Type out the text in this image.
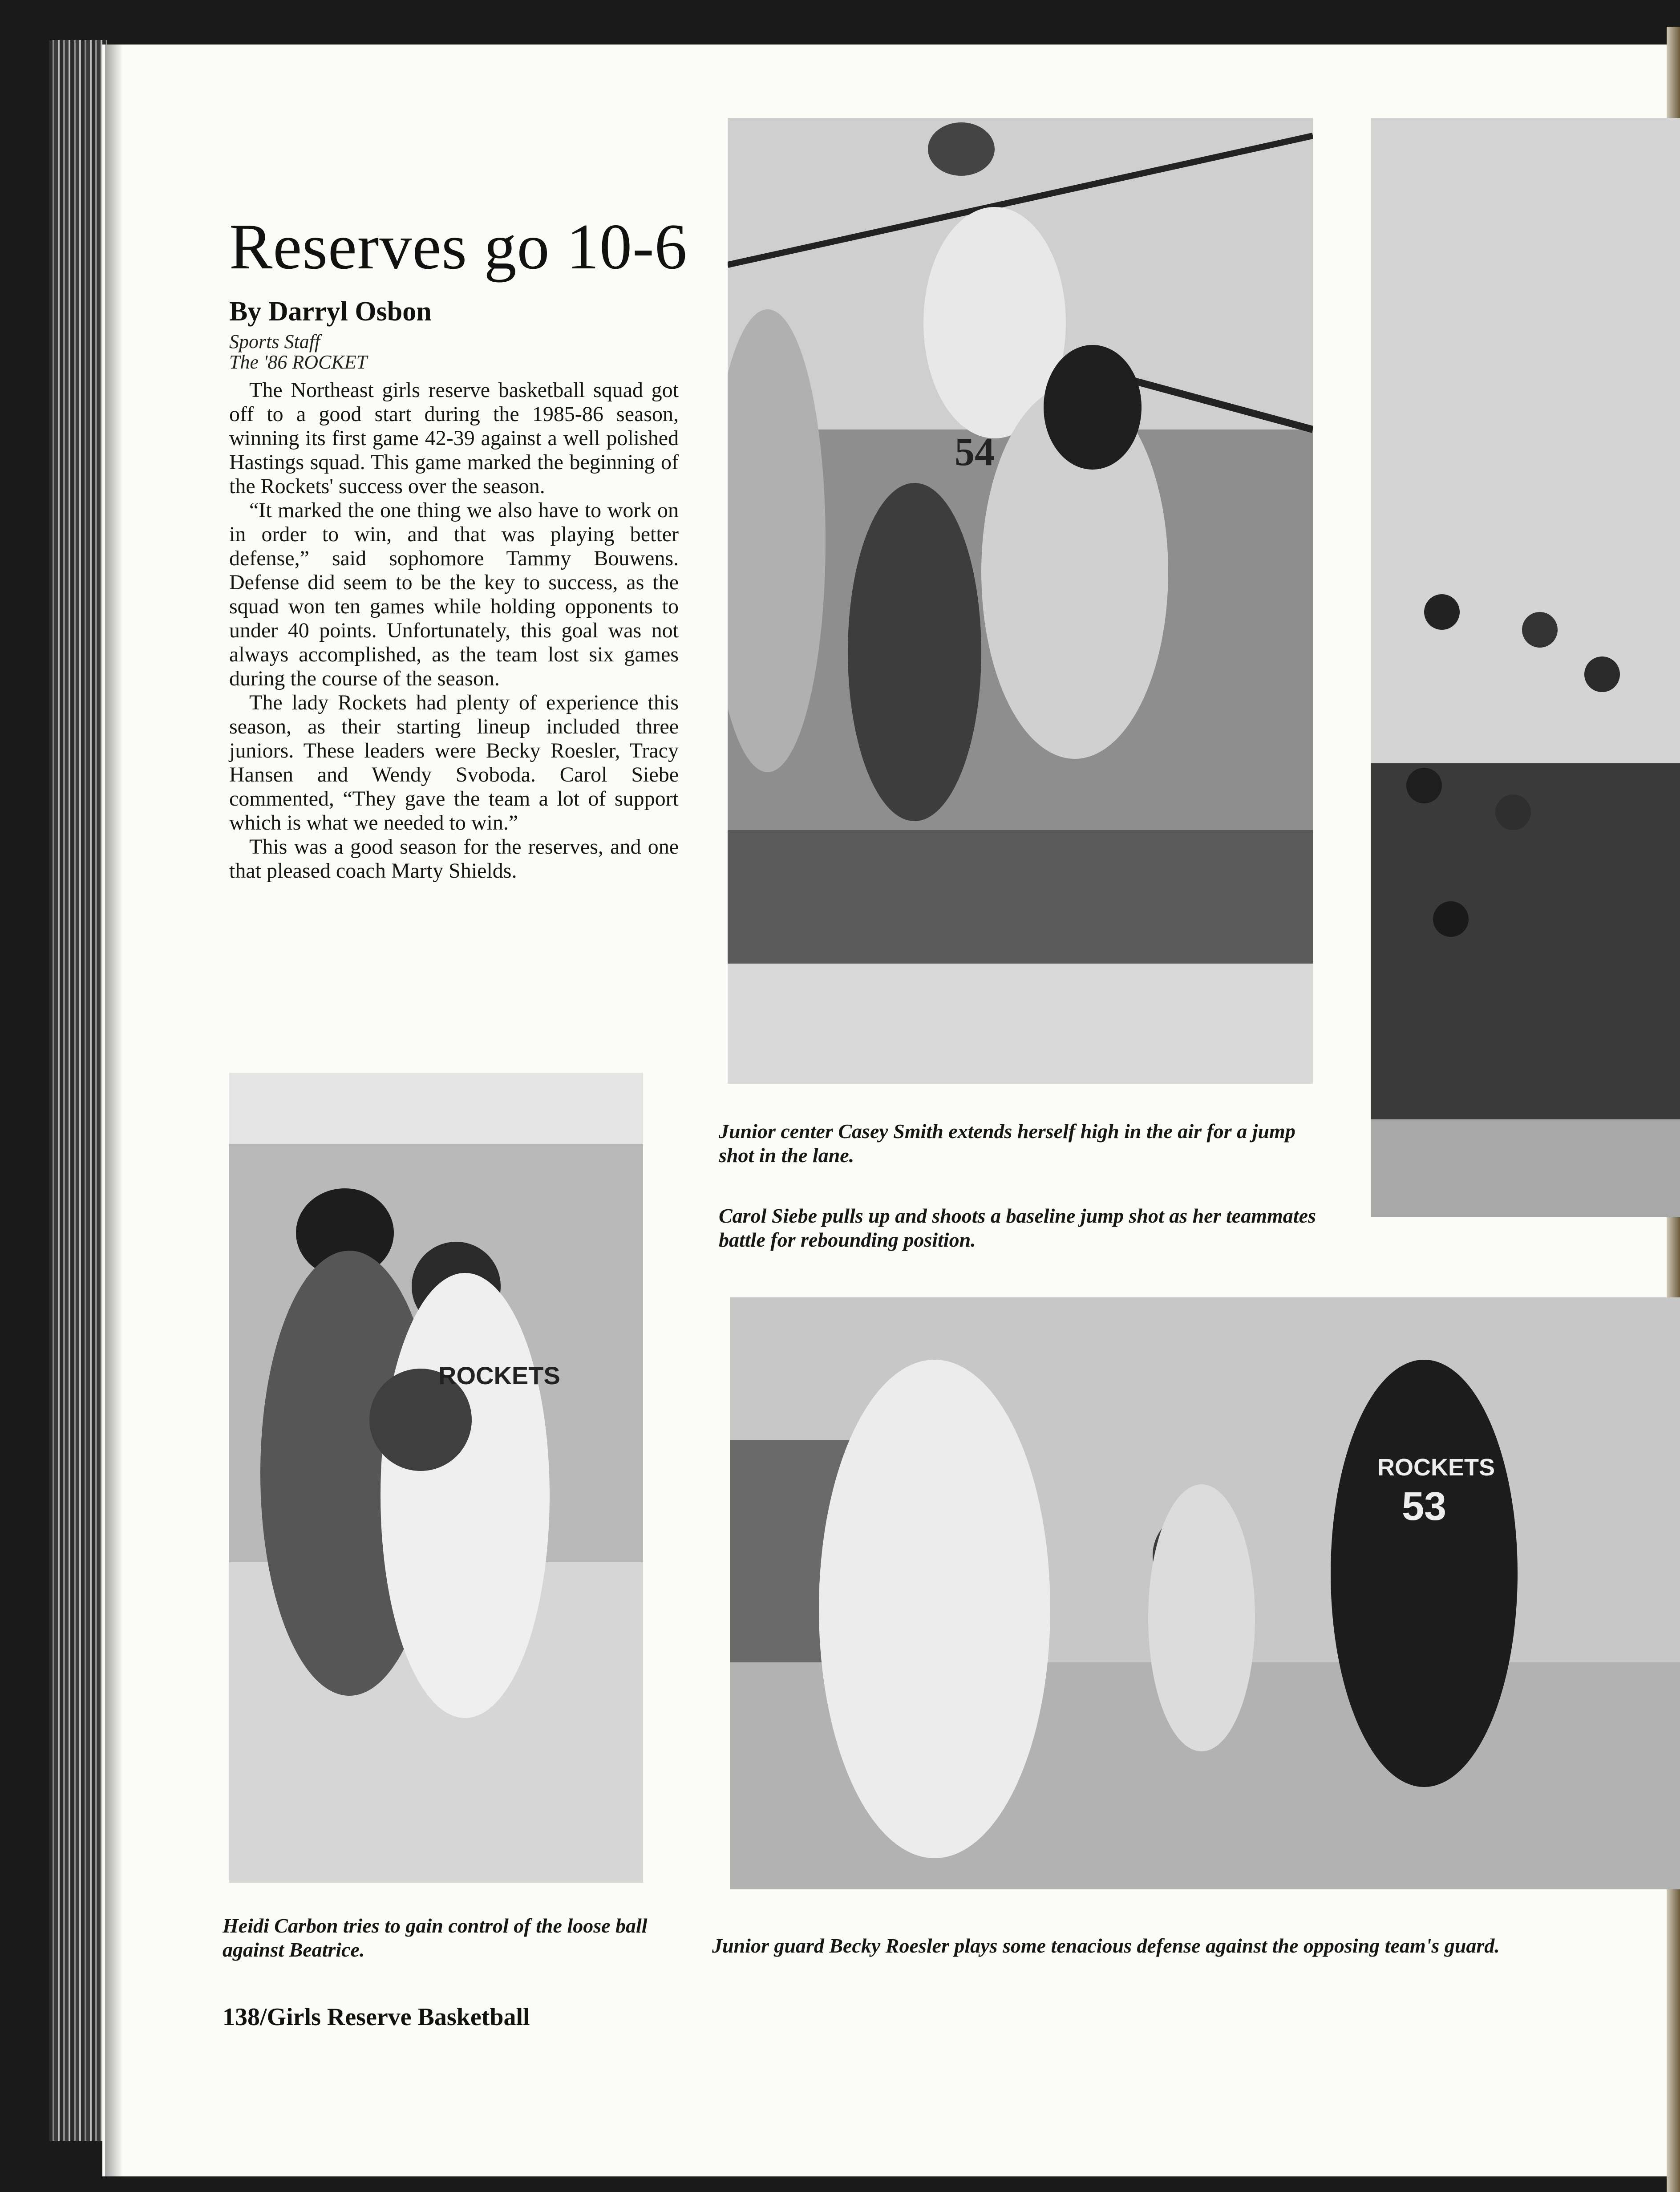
Reserves go 10-6
By Darryl Osbon
Sports Staff
The '86 ROCKET

The Northeast girls reserve basketball squad got off to a good start during the 1985-86 season, winning its first game 42-39 against a well polished Hastings squad. This game marked the beginning of the Rockets' success over the season.

“It marked the one thing we also have to work on in order to win, and that was playing better defense,” said sophomore Tammy Bouwens. Defense did seem to be the key to success, as the squad won ten games while holding opponents to under 40 points. Unfortunately, this goal was not always accomplished, as the team lost six games during the course of the season.

The lady Rockets had plenty of experience this season, as their starting lineup included three juniors. These leaders were Becky Roesler, Tracy Hansen and Wendy Svoboda. Carol Siebe commented, “They gave the team a lot of support which is what we needed to win.”

This was a good season for the reserves, and one that pleased coach Marty Shields.

54
ROCKETS
ROCKETS
53
Junior center Casey Smith extends herself high in the air for a jump shot in the lane.
Carol Siebe pulls up and shoots a baseline jump shot as her teammates battle for rebounding position.
Heidi Carbon tries to gain control of the loose ball against Beatrice.	Junior guard Becky Roesler plays some tenacious defense against the opposing team's guard.
138/Girls Reserve Basketball
